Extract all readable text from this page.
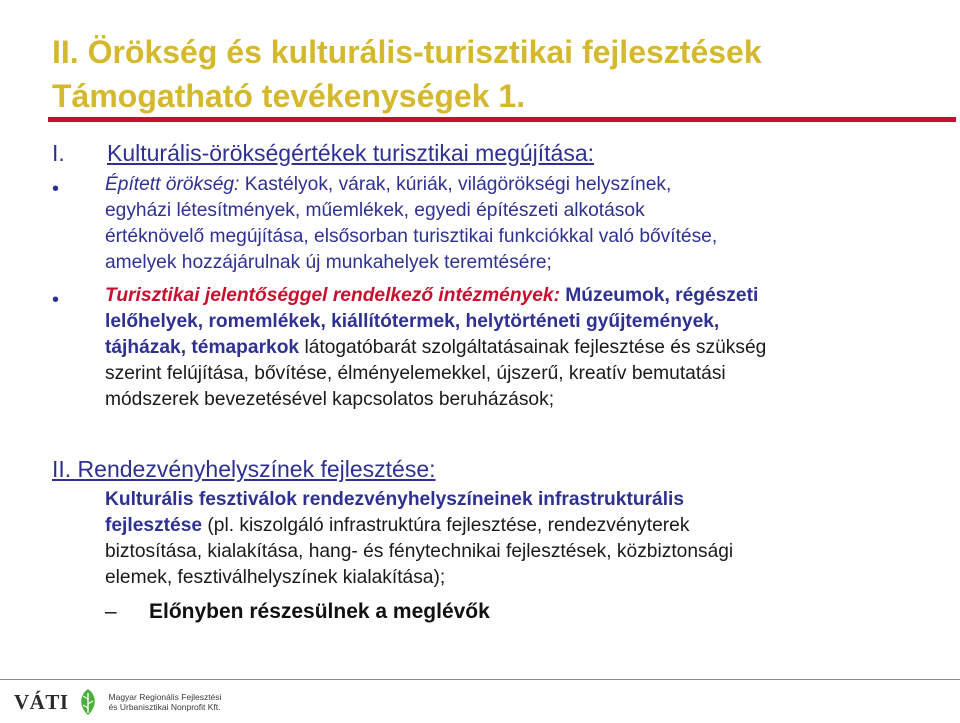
II. Örökség és kulturális-turisztikai fejlesztések
Támogatható tevékenységek 1.
I. Kulturális-örökségértékek turisztikai megújítása:
•
Épített örökség: Kastélyok, várak, kúriák, világörökségi helyszínek,
egyházi létesítmények, műemlékek, egyedi építészeti alkotások
értéknövelő megújítása, elsősorban turisztikai funkciókkal való bővítése,
amelyek hozzájárulnak új munkahelyek teremtésére;
•
Turisztikai jelentőséggel rendelkező intézmények: Múzeumok, régészeti
lelőhelyek, romemlékek, kiállítótermek, helytörténeti gyűjtemények,
tájházak, témaparkok látogatóbarát szolgáltatásainak fejlesztése és szükség
szerint felújítása, bővítése, élményelemekkel, újszerű, kreatív bemutatási
módszerek bevezetésével kapcsolatos beruházások;
II. Rendezvényhelyszínek fejlesztése:
Kulturális fesztiválok rendezvényhelyszíneinek infrastrukturális
fejlesztése (pl. kiszolgáló infrastruktúra fejlesztése, rendezvényterek
biztosítása, kialakítása, hang- és fénytechnikai fejlesztések, közbiztonsági
elemek, fesztiválhelyszínek kialakítása);
– Előnyben részesülnek a meglévők
VÁTI	Magyar Regionális Fejlesztési
és Urbanisztikai Nonprofit Kft.
